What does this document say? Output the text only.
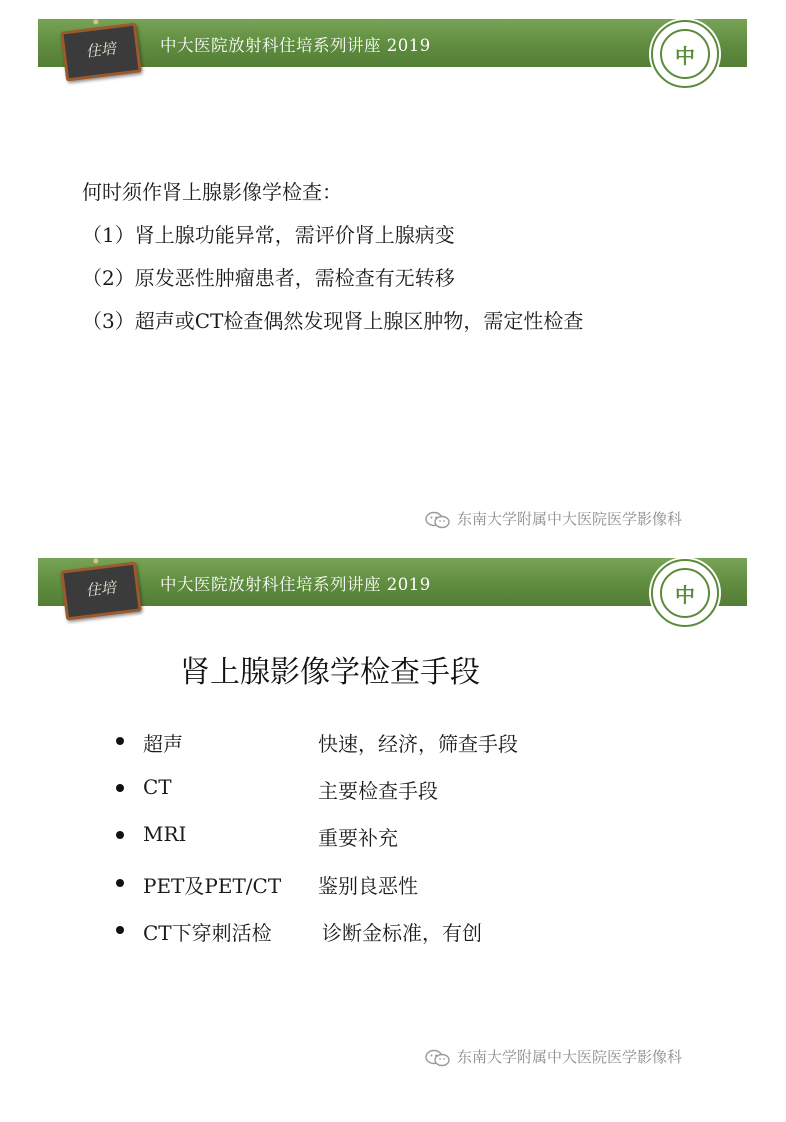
中大医院放射科住培系列讲座 2019
住培	中
何时须作肾上腺影像学检查：
（1）肾上腺功能异常，需评价肾上腺病变
（2）原发恶性肿瘤患者，需检查有无转移
（3）超声或CT检查偶然发现肾上腺区肿物，需定性检查
东南大学附属中大医院医学影像科
中大医院放射科住培系列讲座 2019
住培	中
肾上腺影像学检查手段
超声	快速，经济，筛查手段
CT	主要检查手段
MRI	重要补充
PET及PET/CT 鉴别良恶性
CT下穿刺活检	诊断金标准，有创
东南大学附属中大医院医学影像科
